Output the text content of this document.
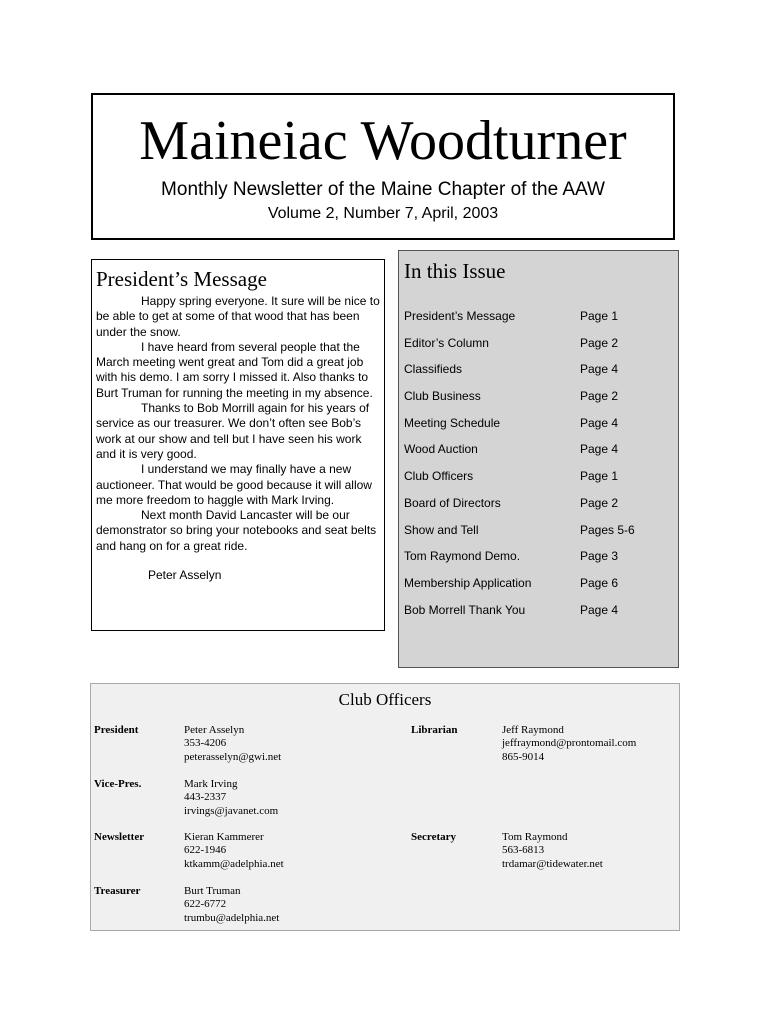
Maineiac Woodturner
Monthly Newsletter of the Maine Chapter of the AAW
Volume 2, Number 7, April, 2003
President’s Message

Happy spring everyone. It sure will be nice to be able to get at some of that wood that has been under the snow.

I have heard from several people that the March meeting went great and Tom did a great job with his demo. I am sorry I missed it. Also thanks to Burt Truman for running the meeting in my absence.

Thanks to Bob Morrill again for his years of service as our treasurer. We don’t often see Bob’s work at our show and tell but I have seen his work and it is very good.

I understand we may finally have a new auctioneer. That would be good because it will allow me more freedom to haggle with Mark Irving.

Next month David Lancaster will be our demonstrator so bring your notebooks and seat belts and hang on for a great ride.

Peter Asselyn

In this Issue
President’s Message	Page 1
Editor’s Column	Page 2
Classifieds	Page 4
Club Business	Page 2
Meeting Schedule	Page 4
Wood Auction	Page 4
Club Officers	Page 1
Board of Directors	Page 2
Show and Tell	Pages 5-6
Tom Raymond Demo.	Page 3
Membership Application	Page 6
Bob Morrell Thank You	Page 4
Club Officers
President	Peter Asselyn
353-4206
peterasselyn@gwi.net
Librarian	Jeff Raymond
jeffraymond@prontomail.com
865-9014
Vice-Pres.	Mark Irving
443-2337
irvings@javanet.com
Newsletter	Kieran Kammerer
622-1946
ktkamm@adelphia.net
Secretary	Tom Raymond
563-6813
trdamar@tidewater.net
Treasurer	Burt Truman
622-6772
trumbu@adelphia.net
